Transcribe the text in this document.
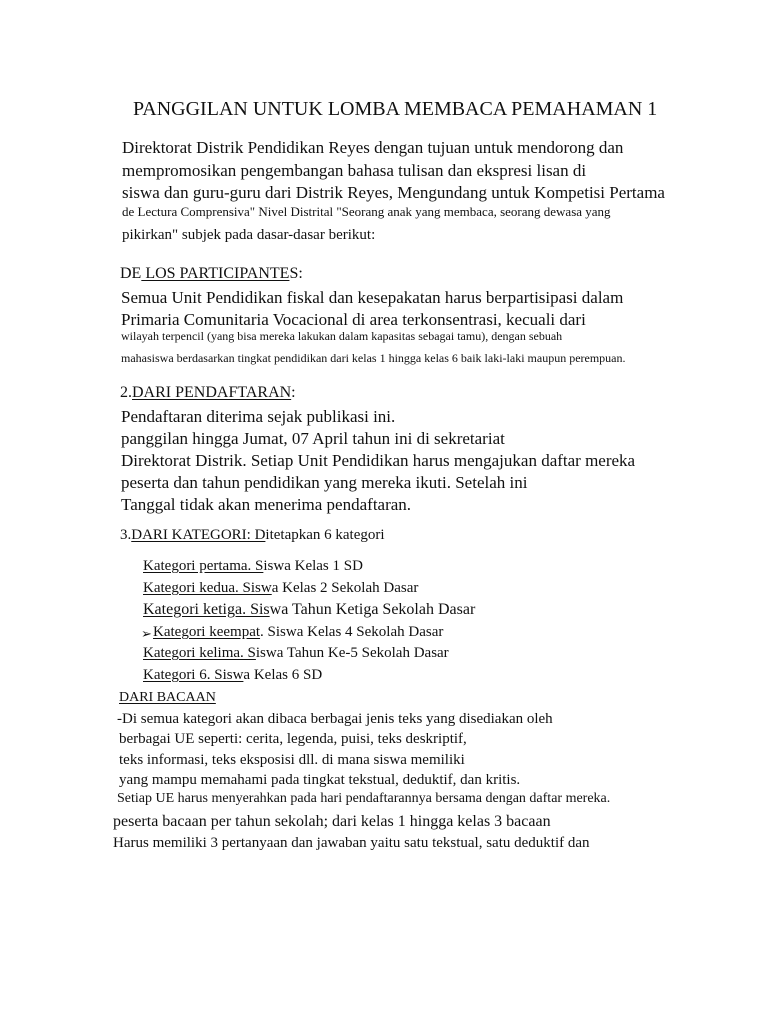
PANGGILAN UNTUK LOMBA MEMBACA PEMAHAMAN 1
Direktorat Distrik Pendidikan Reyes dengan tujuan untuk mendorong dan
mempromosikan pengembangan bahasa tulisan dan ekspresi lisan di
siswa dan guru-guru dari Distrik Reyes, Mengundang untuk Kompetisi Pertama
de Lectura Comprensiva" Nivel Distrital "Seorang anak yang membaca, seorang dewasa yang
pikirkan" subjek pada dasar-dasar berikut:
DE LOS PARTICIPANTES:
Semua Unit Pendidikan fiskal dan kesepakatan harus berpartisipasi dalam
Primaria Comunitaria Vocacional di area terkonsentrasi, kecuali dari
wilayah terpencil (yang bisa mereka lakukan dalam kapasitas sebagai tamu), dengan sebuah
mahasiswa berdasarkan tingkat pendidikan dari kelas 1 hingga kelas 6 baik laki-laki maupun perempuan.
2.DARI PENDAFTARAN:
Pendaftaran diterima sejak publikasi ini.
panggilan hingga Jumat, 07 April tahun ini di sekretariat
Direktorat Distrik. Setiap Unit Pendidikan harus mengajukan daftar mereka
peserta dan tahun pendidikan yang mereka ikuti. Setelah ini
Tanggal tidak akan menerima pendaftaran.
3.DARI KATEGORI: Ditetapkan 6 kategori
Kategori pertama. Siswa Kelas 1 SD
Kategori kedua. Siswa Kelas 2 Sekolah Dasar
Kategori ketiga. Siswa Tahun Ketiga Sekolah Dasar
➢ Kategori keempat. Siswa Kelas 4 Sekolah Dasar
Kategori kelima. Siswa Tahun Ke-5 Sekolah Dasar
Kategori 6. Siswa Kelas 6 SD
DARI BACAAN
-Di semua kategori akan dibaca berbagai jenis teks yang disediakan oleh
berbagai UE seperti: cerita, legenda, puisi, teks deskriptif,
teks informasi, teks eksposisi dll. di mana siswa memiliki
yang mampu memahami pada tingkat tekstual, deduktif, dan kritis.
Setiap UE harus menyerahkan pada hari pendaftarannya bersama dengan daftar mereka.
peserta bacaan per tahun sekolah; dari kelas 1 hingga kelas 3 bacaan
Harus memiliki 3 pertanyaan dan jawaban yaitu satu tekstual, satu deduktif dan
